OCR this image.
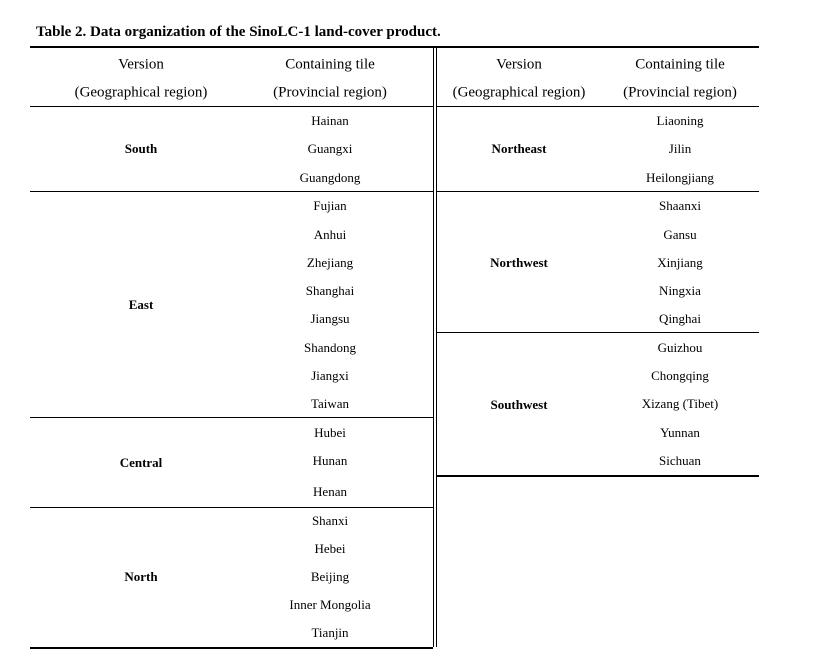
Table 2. Data organization of the SinoLC-1 land-cover product.
Version
(Geographical region)
Containing tile
(Provincial region)
Version
(Geographical region)
Containing tile
(Provincial region)
South
Hainan
Guangxi
Guangdong
East
Fujian
Anhui
Zhejiang
Shanghai
Jiangsu
Shandong
Jiangxi
Taiwan
Central
Hubei
Hunan
Henan
North
Shanxi
Hebei
Beijing
Inner Mongolia
Tianjin
Northeast
Liaoning
Jilin
Heilongjiang
Northwest
Shaanxi
Gansu
Xinjiang
Ningxia
Qinghai
Southwest
Guizhou
Chongqing
Xizang (Tibet)
Yunnan
Sichuan
